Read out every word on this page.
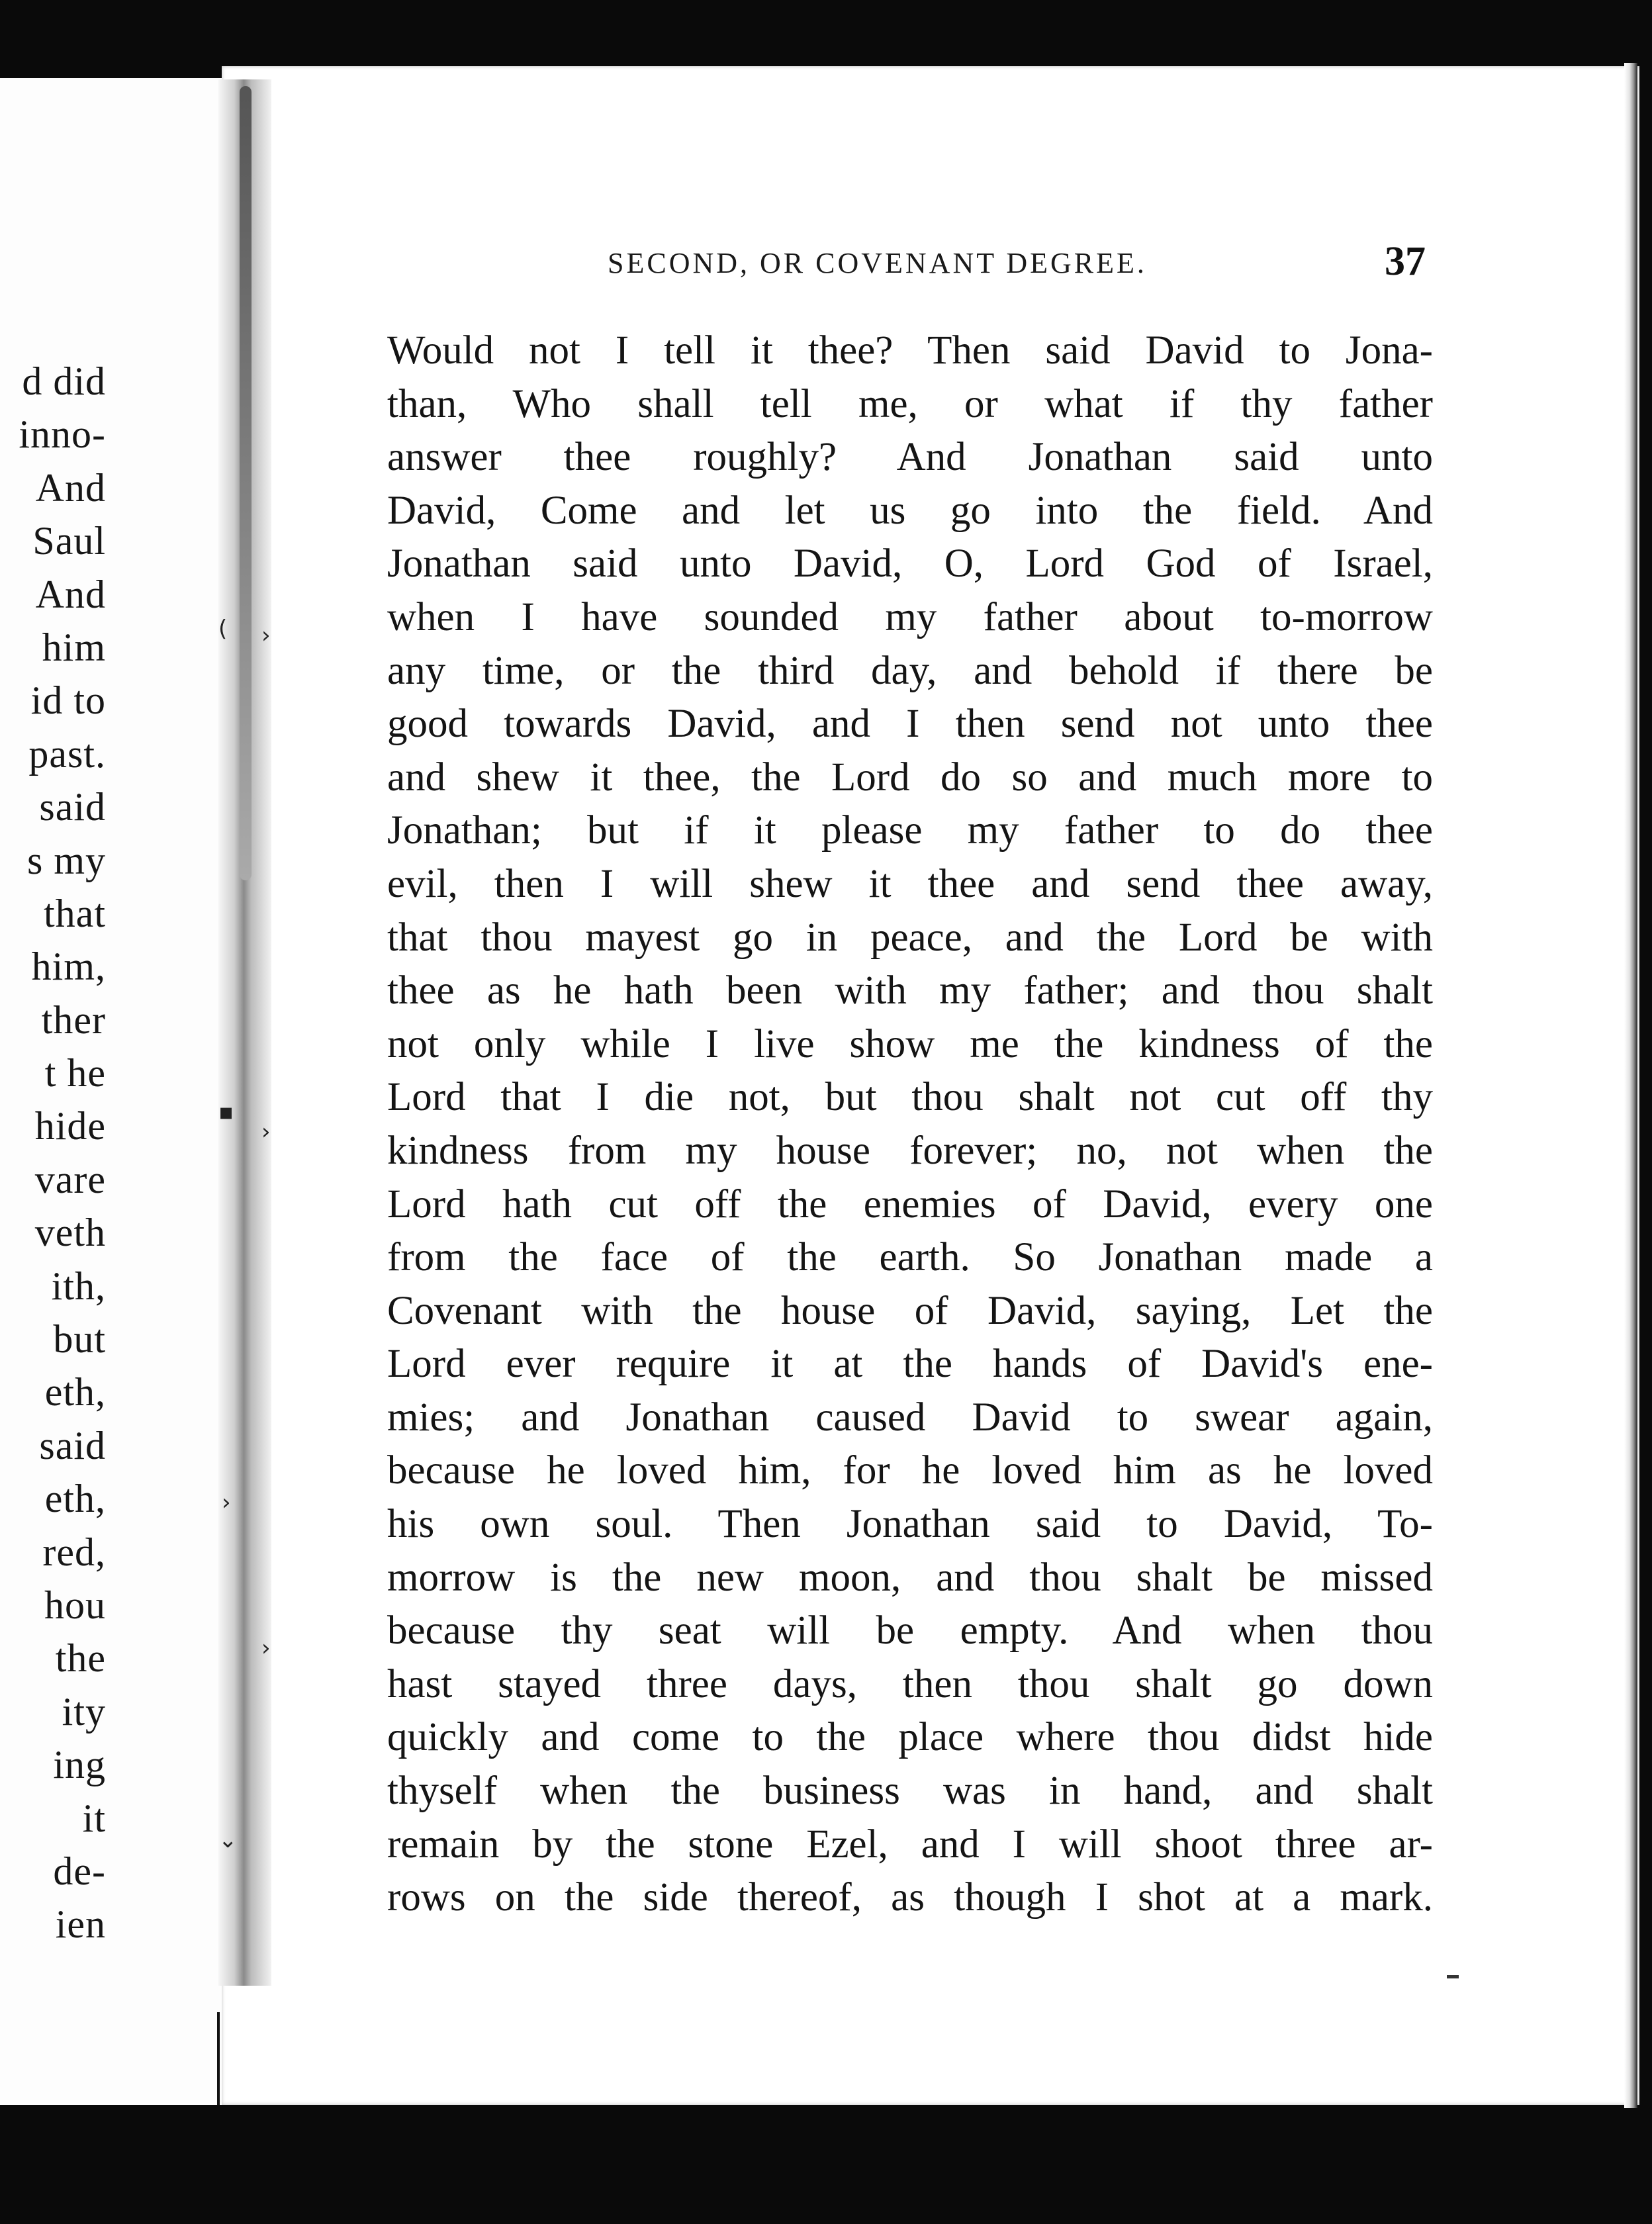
d did
inno-
And
Saul
And
him
id to
past.
said
s my
that
him,
ther
t he
hide
vare
veth
ith,
but
eth,
said
eth,
red,
hou
the
ity
ing
it
de-
ien
( ›
▪
›
›
›
⌄
SECOND, OR COVENANT DEGREE.	37
Would not I tell it thee? Then said David to Jona-
than, Who shall tell me, or what if thy father
answer thee roughly? And Jonathan said unto
David, Come and let us go into the field. And
Jonathan said unto David, O, Lord God of Israel,
when I have sounded my father about to-morrow
any time, or the third day, and behold if there be
good towards David, and I then send not unto thee
and shew it thee, the Lord do so and much more to
Jonathan; but if it please my father to do thee
evil, then I will shew it thee and send thee away,
that thou mayest go in peace, and the Lord be with
thee as he hath been with my father; and thou shalt
not only while I live show me the kindness of the
Lord that I die not, but thou shalt not cut off thy
kindness from my house forever; no, not when the
Lord hath cut off the enemies of David, every one
from the face of the earth. So Jonathan made a
Covenant with the house of David, saying, Let the
Lord ever require it at the hands of David's ene-
mies; and Jonathan caused David to swear again,
because he loved him, for he loved him as he loved
his own soul. Then Jonathan said to David, To-
morrow is the new moon, and thou shalt be missed
because thy seat will be empty. And when thou
hast stayed three days, then thou shalt go down
quickly and come to the place where thou didst hide
thyself when the business was in hand, and shalt
remain by the stone Ezel, and I will shoot three ar-
rows on the side thereof, as though I shot at a mark.
